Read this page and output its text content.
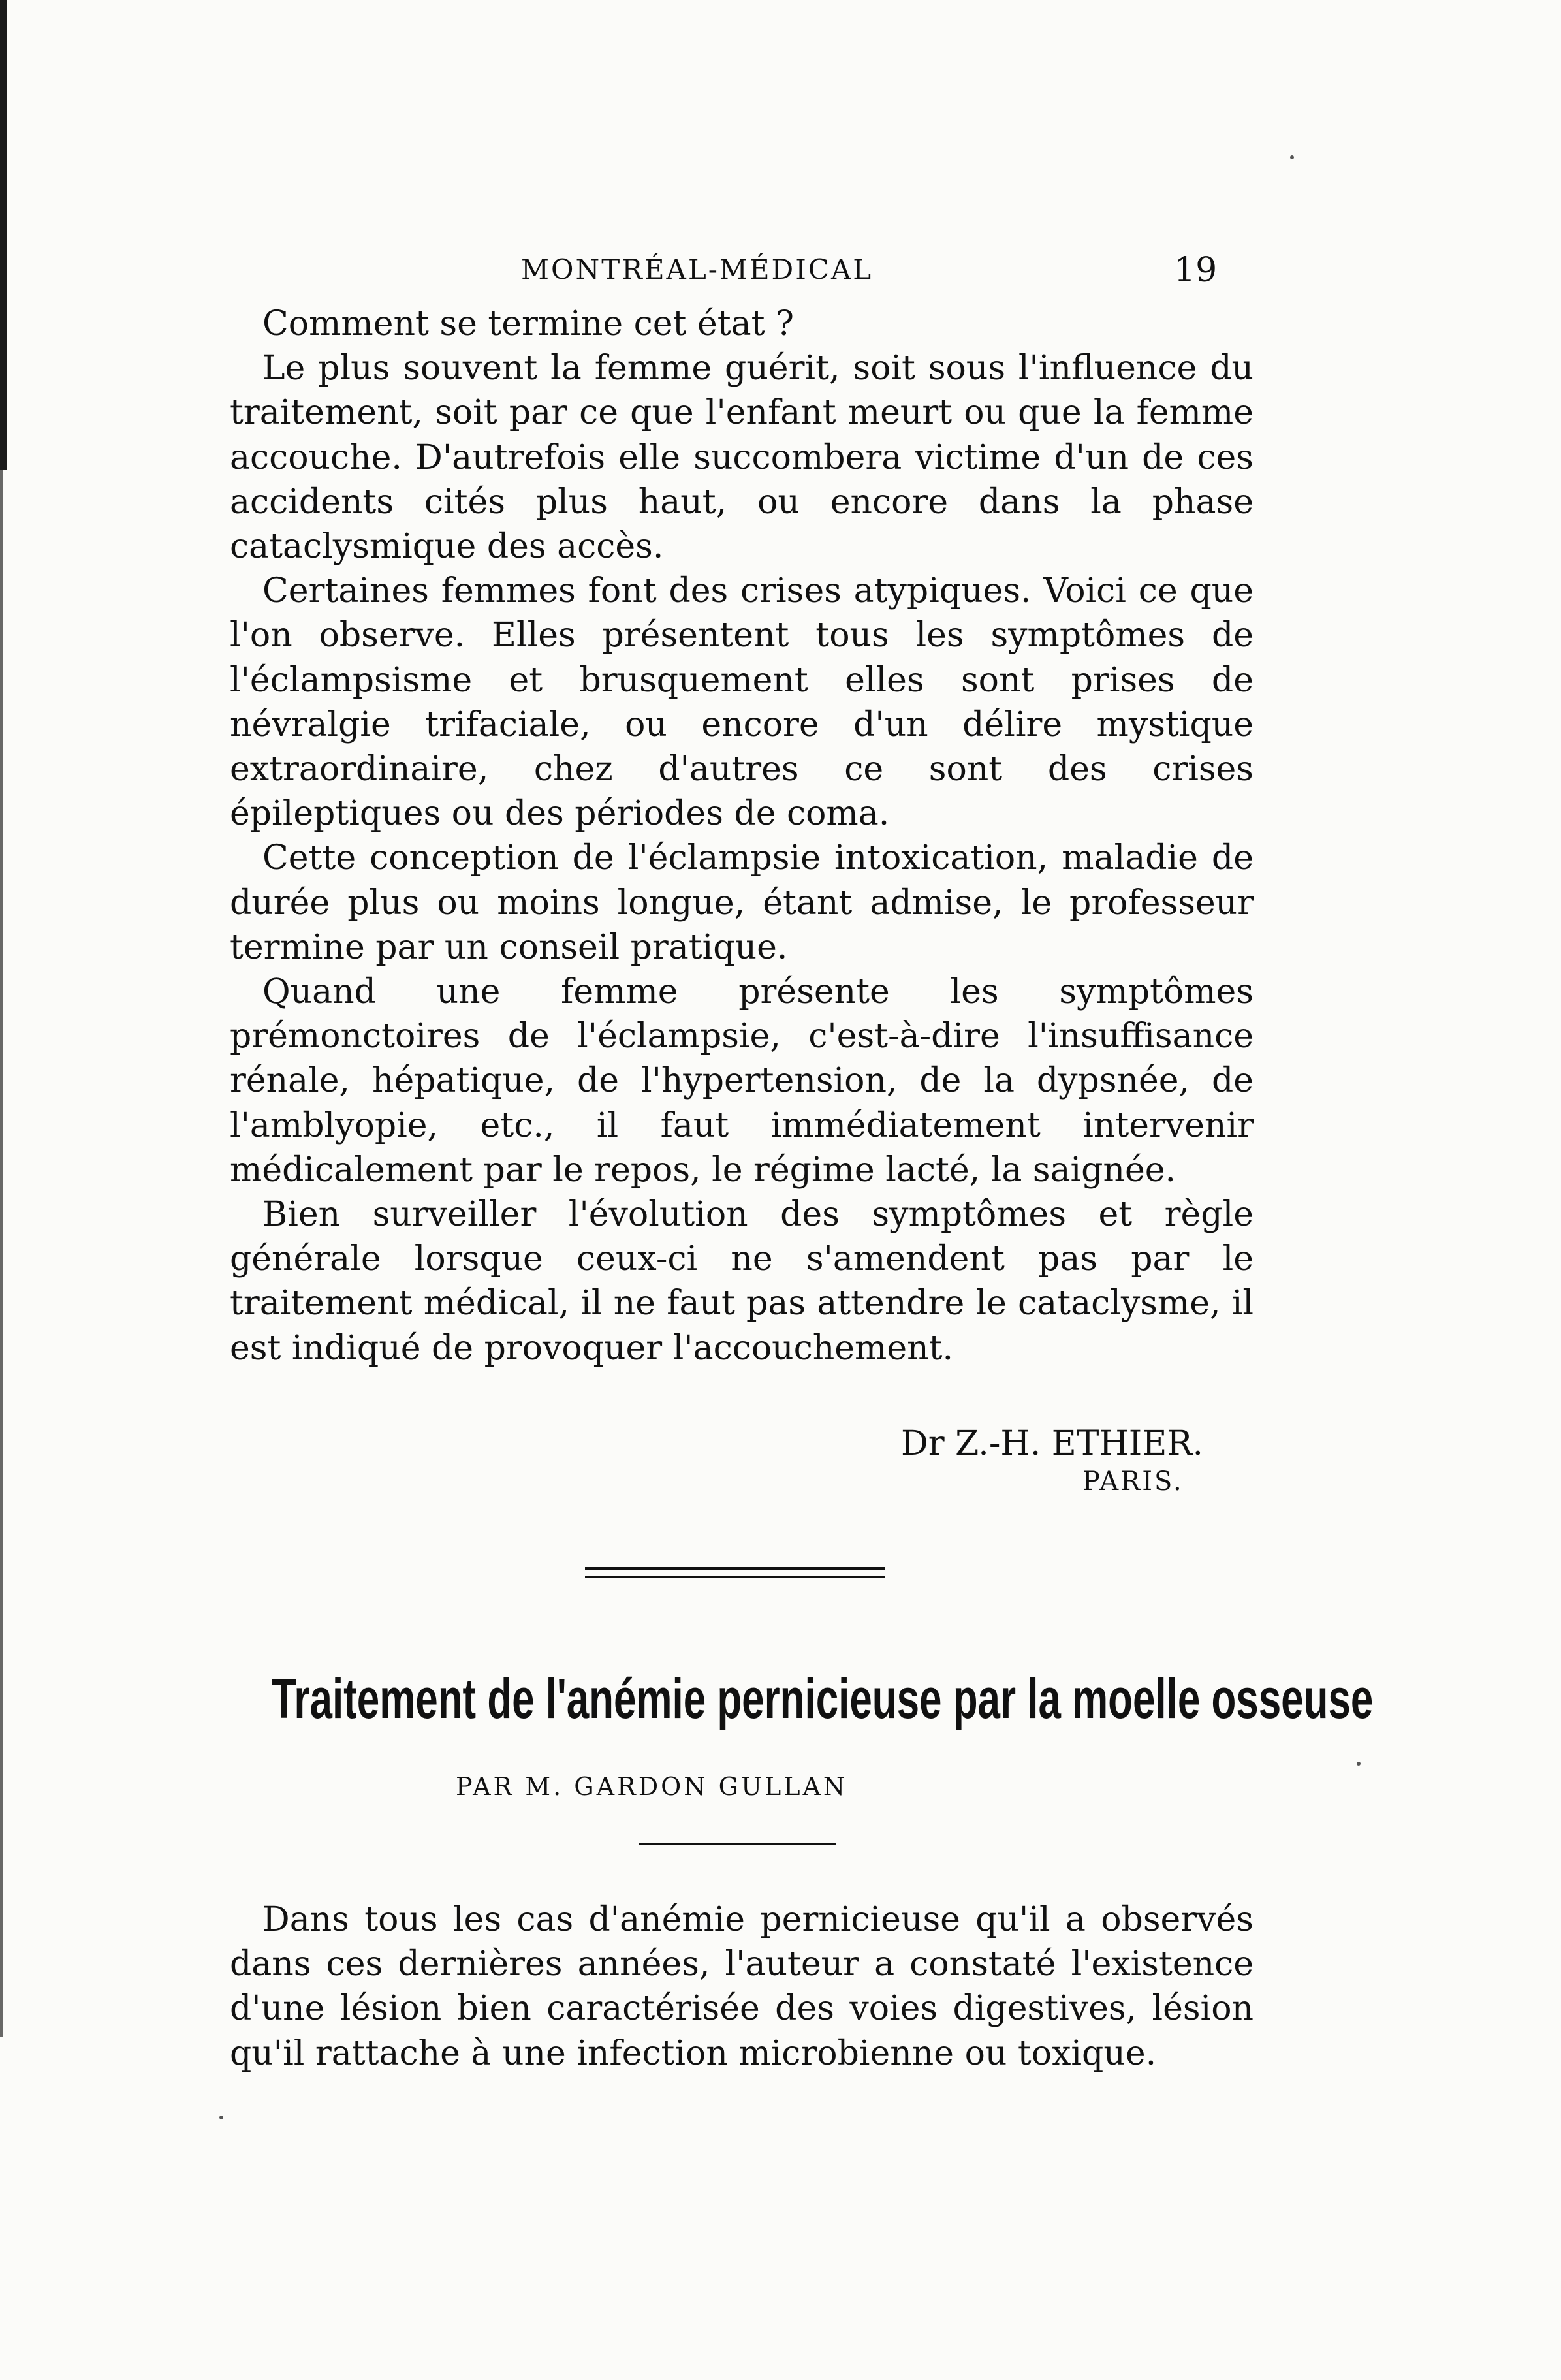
MONTRÉAL-MÉDICAL	19

Comment se termine cet état ?

Le plus souvent la femme guérit, soit sous l'influence du traitement, soit par ce que l'enfant meurt ou que la femme accouche. D'autrefois elle succombera victime d'un de ces accidents cités plus haut, ou encore dans la phase cataclysmique des accès.

Certaines femmes font des crises atypiques. Voici ce que l'on observe. Elles présentent tous les symptômes de l'éclampsisme et brusquement elles sont prises de névralgie trifaciale, ou encore d'un délire mystique extraordinaire, chez d'autres ce sont des crises épileptiques ou des périodes de coma.

Cette conception de l'éclampsie intoxication, maladie de durée plus ou moins longue, étant admise, le professeur termine par un conseil pratique.

Quand une femme présente les symptômes prémonctoires de l'éclampsie, c'est-à-dire l'insuffisance rénale, hépatique, de l'hypertension, de la dypsnée, de l'amblyopie, etc., il faut immédiatement intervenir médicalement par le repos, le régime lacté, la saignée.

Bien surveiller l'évolution des symptômes et règle générale lorsque ceux-ci ne s'amendent pas par le traitement médical, il ne faut pas attendre le cataclysme, il est indiqué de provoquer l'accouchement.

Dr Z.-H. ETHIER.
PARIS.
Traitement de l'anémie pernicieuse par la moelle osseuse
PAR M. GARDON GULLAN

Dans tous les cas d'anémie pernicieuse qu'il a observés dans ces dernières années, l'auteur a constaté l'existence d'une lésion bien caractérisée des voies digestives, lésion qu'il rattache à une infection microbienne ou toxique.
